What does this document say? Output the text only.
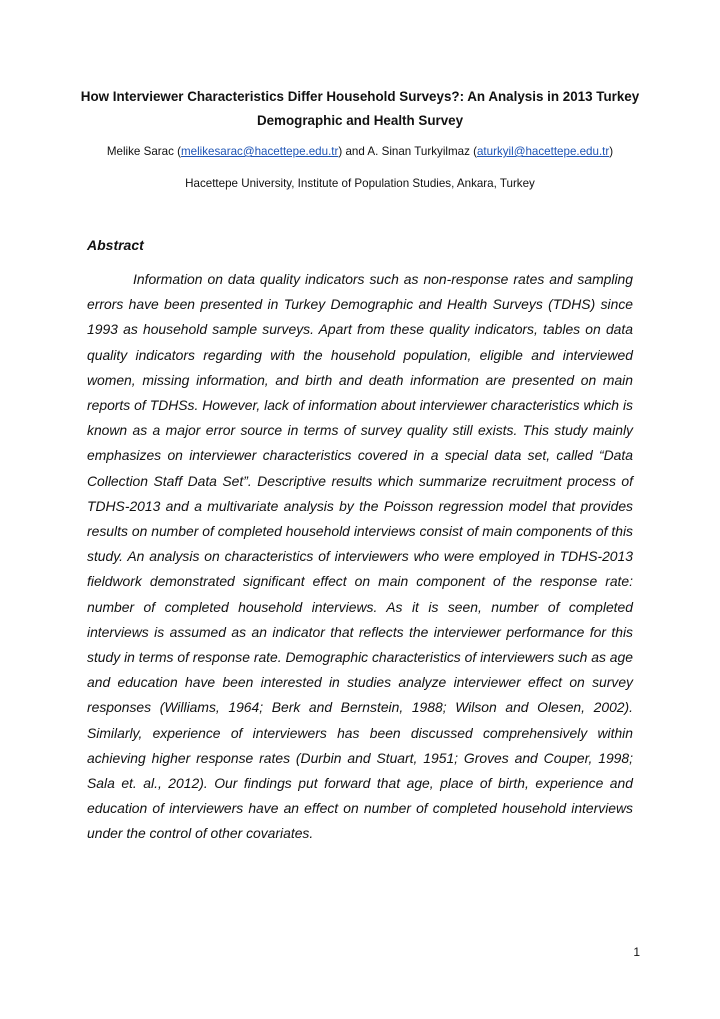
How Interviewer Characteristics Differ Household Surveys?: An Analysis in 2013 Turkey Demographic and Health Survey
Melike Sarac (melikesarac@hacettepe.edu.tr) and A. Sinan Turkyilmaz (aturkyil@hacettepe.edu.tr)
Hacettepe University, Institute of Population Studies, Ankara, Turkey
Abstract

Information on data quality indicators such as non-response rates and sampling errors have been presented in Turkey Demographic and Health Surveys (TDHS) since 1993 as household sample surveys. Apart from these quality indicators, tables on data quality indicators regarding with the household population, eligible and interviewed women, missing information, and birth and death information are presented on main reports of TDHSs. However, lack of information about interviewer characteristics which is known as a major error source in terms of survey quality still exists. This study mainly emphasizes on interviewer characteristics covered in a special data set, called “Data Collection Staff Data Set”. Descriptive results which summarize recruitment process of TDHS-2013 and a multivariate analysis by the Poisson regression model that provides results on number of completed household interviews consist of main components of this study. An analysis on characteristics of interviewers who were employed in TDHS-2013 fieldwork demonstrated significant effect on main component of the response rate: number of completed household interviews. As it is seen, number of completed interviews is assumed as an indicator that reflects the interviewer performance for this study in terms of response rate. Demographic characteristics of interviewers such as age and education have been interested in studies analyze interviewer effect on survey responses (Williams, 1964; Berk and Bernstein, 1988; Wilson and Olesen, 2002). Similarly, experience of interviewers has been discussed comprehensively within achieving higher response rates (Durbin and Stuart, 1951; Groves and Couper, 1998; Sala et. al., 2012). Our findings put forward that age, place of birth, experience and education of interviewers have an effect on number of completed household interviews under the control of other covariates.

1
